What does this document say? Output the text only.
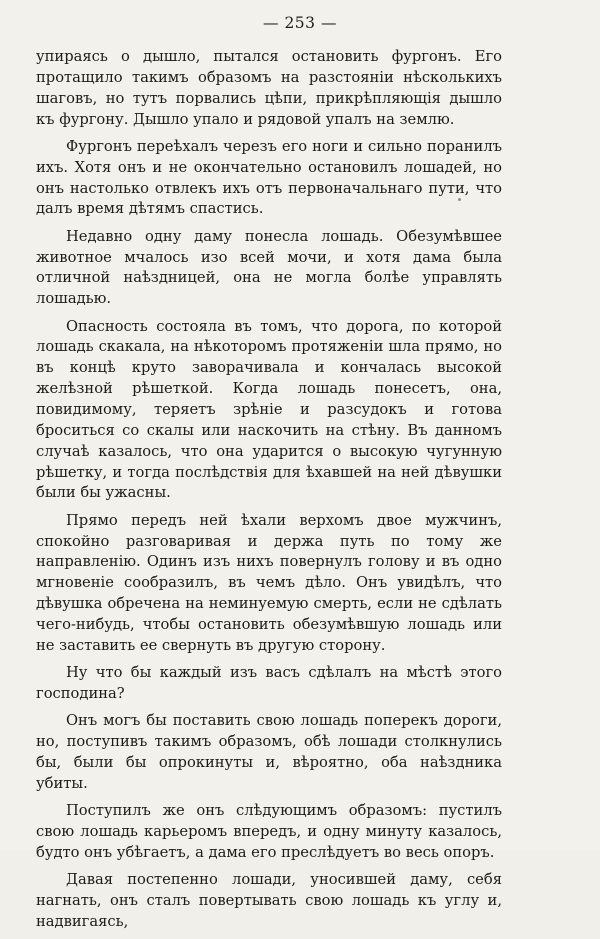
— 253 —

упираясь о дышло, пытался остановить фургонъ. Его протащило такимъ образомъ на разстоянiи нѣсколькихъ шаговъ, но тутъ порвались цѣпи, прикрѣпляющiя дышло къ фургону. Дышло упало и рядовой упалъ на землю.

Фургонъ переѣхалъ черезъ его ноги и сильно поранилъ ихъ. Хотя онъ и не окончательно остановилъ лошадей, но онъ настолько отвлекъ ихъ отъ первоначальнаго пути, что далъ время дѣтямъ спастись.

Недавно одну даму понесла лошадь. Обезумѣвшее животное мчалось изо всей мочи, и хотя дама была отличной наѣздницей, она не могла болѣе управлять лошадью.

Опасность состояла въ томъ, что дорога, по которой лошадь скакала, на нѣкоторомъ протяженiи шла прямо, но въ концѣ круто заворачивала и кончалась высокой желѣзной рѣшеткой. Когда лошадь понесетъ, она, повидимому, теряетъ зрѣнiе и разсудокъ и готова броситься со скалы или наскочить на стѣну. Въ данномъ случаѣ казалось, что она ударится о высокую чугунную рѣшетку, и тогда послѣдствiя для ѣхавшей на ней дѣвушки были бы ужасны.

Прямо передъ ней ѣхали верхомъ двое мужчинъ, спокойно разговаривая и держа путь по тому же направленiю. Одинъ изъ нихъ повернулъ голову и въ одно мгновенiе сообразилъ, въ чемъ дѣло. Онъ увидѣлъ, что дѣвушка обречена на неминуемую смерть, если не сдѣлать чего-нибудь, чтобы остановить обезумѣвшую лошадь или не заставить ее свернуть въ другую сторону.

Ну что бы каждый изъ васъ сдѣлалъ на мѣстѣ этого господина?

Онъ могъ бы поставить свою лошадь поперекъ дороги, но, поступивъ такимъ образомъ, обѣ лошади столкнулись бы, были бы опрокинуты и, вѣроятно, оба наѣздника убиты.

Поступилъ же онъ слѣдующимъ образомъ: пустилъ свою лошадь карьеромъ впередъ, и одну минуту казалось, будто онъ убѣгаетъ, а дама его преслѣдуетъ во весь опоръ.

Давая постепенно лошади, уносившей даму, себя нагнать, онъ сталъ повертывать свою лошадь къ углу и, надвигаясь,
